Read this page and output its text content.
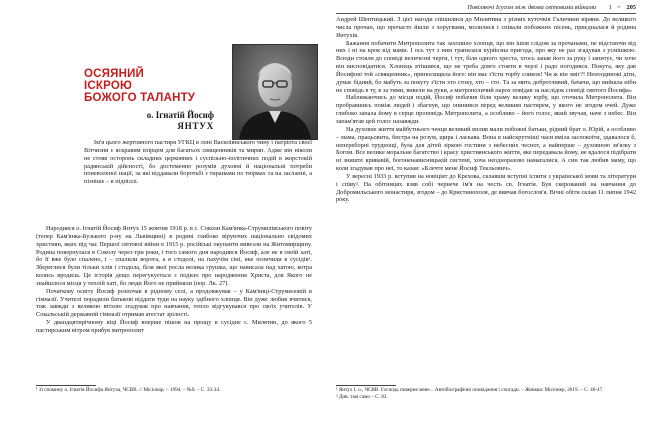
ОСЯЯНИЙ
ІСКРОЮ
БОЖОГО ТАЛАНТУ
о. Ігнатій Йосиф
ЯНТУХ

Ім'я цього жертовного пастиря УГКЦ в лоні Василіянського чину і патріота своєї Вітчизни є яскравим взірцем для багатьох священників та мирян. Адже він ніколи не стояв осторонь складних церковних і суспільно-політичних подій в жорстокій радянській дійсності, бо достеменно розумів духовні й національні потреби поневоленої нації, за які віддавали боротьбі з тиранами по тюрмах та на засланні, а пізніше – в підпіллі.

Народився о. Ігнатій Йосиф Янтух 15 жовтня 1918 р. в с. Соколи Кам'янка-Струмилівського повіту (тепер Кам'янка-Бузького р-ну на Львівщині) в родині глибоко віруючих національно свідомих християн, яких під час Першої світової війни в 1915 р. російські окупанти вивезли на Житомирщину. Родина повернулася в Соколу через три роки, і того самого дня народився Йосиф, але не в своїй хаті, бо її вже було спалено, і – спалили ворота, а в стодолі, на пахучім сіні, яке позичили в сусідів¹. Збереглися були тільки хлів і стодола, біля якої росла велика грушка, що нависала над хатою, котра колись вродила. Це історія дещо перегукується з подією про народження Христа, для Якого не знайшлося місця у теплій хаті, бо люди Його не прийняли (пор. Лк. 27).

Початкову освіту Йосиф розпочав в рідному селі, а продовжував – у Кам'янці-Струмиловій в гімназії. Учителі порадили батькові віддати туди на науку здібного хлопця. Він дуже любив вчитися, тож завжди з великою втіхою згадував про навчання, тепло відгукувався про своїх учителів. У Сокальській державній гімназії отримав атестат зрілості.

У двандцятирічному віці Йосиф вперше пішов на прощу в сусіднє с. Милятин, до якого 5 пастирським вітром прибув митрополит

¹ Зі спомину о. Ігнатія Йосифа Янтуха, ЧСВВ. // Місіонар. – 1994. – №9. – С. 33-34.
Повіляючі Ісусом між двома світовими війнами 1 • 205

Андрей Шептицький. З цієї нагоди спішилися до Милятина з різних куточків Галичини віряни. До великого числа прочан, що прочасто йшли з хоругвами, молилися і співали побожних пісень, приєдналася й родина Янтухів.

Бажання побачити Митрополита так захопило хлопця, що він ішов слідом за прочанами, не відстаючи від них і ні на крок від мами. І ось тут з ним трапилася курйозна пригода, про яку не раз згадував з усмішкою. Всюди стояли до сповіді величезні черги, і тут, біля одного хреста, хтось запав його за руку і запитує, чи хоче він висповідатися. Хлопець втішився, що не треба довго стояти в черзі і радо погодився. Покута, яку дав Йосифові той «священник», припосищила його: він має з'їсти торбу сливок! Чи ж він зміг?! Непоодинокі діти, думає бідний, бо мабуть за покуту з'їсти хто стоку, хто – сто. Та за мить добротливий, бачачи, що вийшла ніби не сповідь в ту, в за тими, вивели на руки, а митрополичий парох повідав за наслідок сповіді святого Йосифа»

Наближаючись до місця подій, Йосиф побачив біля храму велику юрбу, що оточила Митрополита. Він пробравшись поміж людей і збагнув, що опинився перед великим пастирем, у якого не згодом очей. Дуже глибоко запала йому в серце проповідь Митрополита, а особливо – його голос, який звучав, наче з небес. Він запам'ятав цей голос назавжди.

На духовне життя майбутнього ченця великий вплив мали побожні батьки, рідний брат о. Юрій, а особливо – мама, працьовита, бистра на розум, щира і ласкава. Вона в найскрутніші часи вміла заспокоїти, здавалося б, непереборні труднощі, була для дітей зіркою гостини з небесних чеснот, а найперше – духовною зв'язку з Богом. Все велике моральне багатство і красу християнського життя, яке передавала йому, не вдалося підібрати ні зниште кривавій, богоненависницькій системі, хоча неодноразово намагалися. А син так любив маму, що коли згадував про неї, то казав: «Клечте мене Йосиф Текльович».

У вересні 1933 р. вступив на новіціят до Крехова, склавши вступні іспити з української мови та літератури і співу². На обітницях взяв собі чернече ім'я на честь св. Ігнатія. Був скерований на навчання до Добромильського монастиря, згодом – до Кристинополя, де вивчав богослов'я. Вічні обіти склав 11 липня 1942 року.

¹ Янтух І. о., ЧСВВ. Господь поверне мене... Автобіографічні оповідання і спогади. – Жовква: Місіонер, 2019. – С. 46-47.
² Див. там само – С. 83.
